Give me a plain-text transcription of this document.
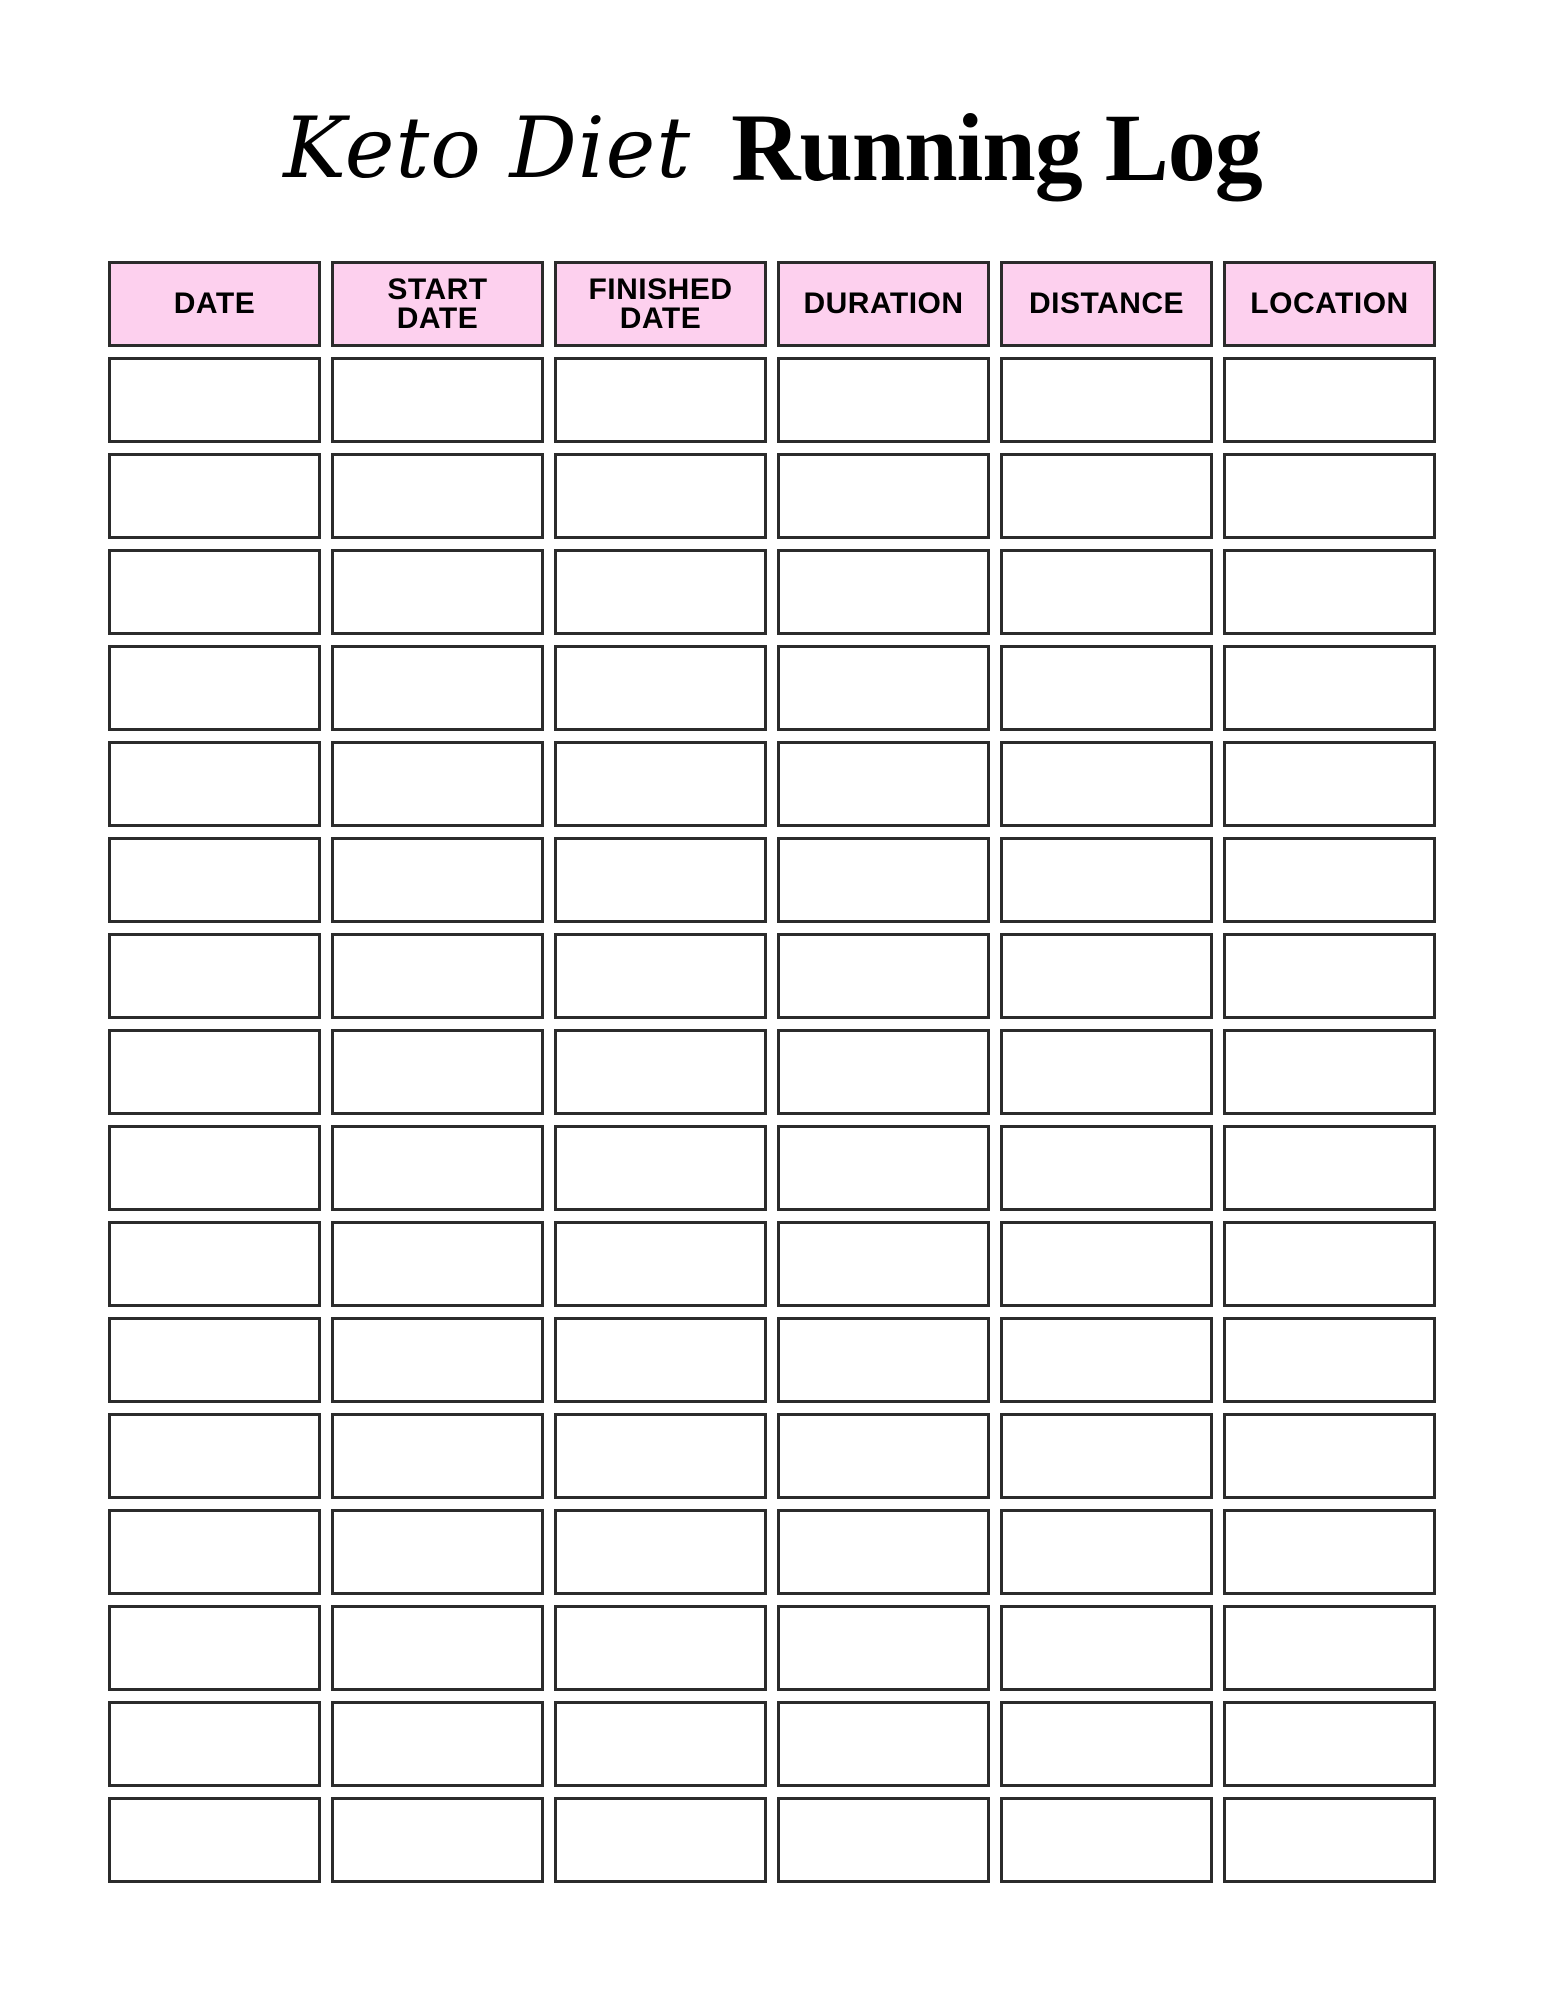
Keto Diet Running Log
DATE	START
DATE
FINISHED
DATE	DURATION DISTANCE LOCATION
